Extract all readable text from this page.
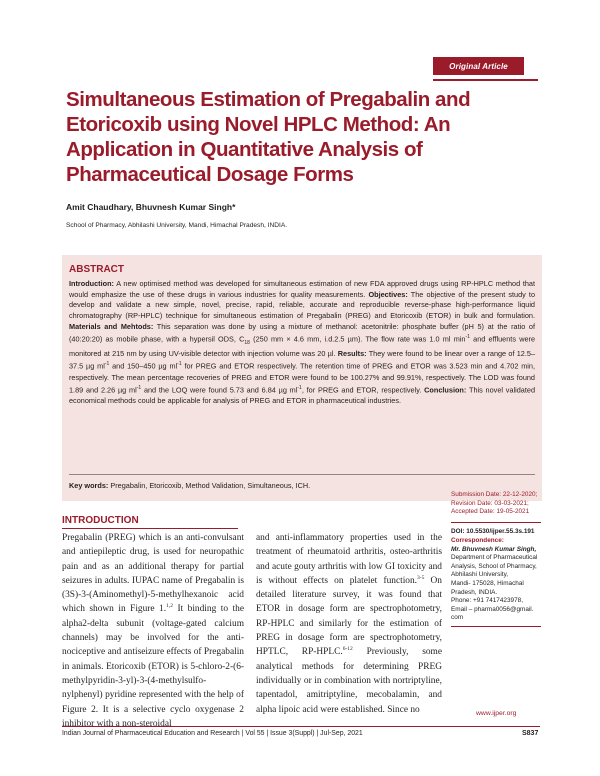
Original Article
Simultaneous Estimation of Pregabalin and Etoricoxib using Novel HPLC Method: An Application in Quantitative Analysis of Pharmaceutical Dosage Forms
Amit Chaudhary, Bhuvnesh Kumar Singh*
School of Pharmacy, Abhilashi University, Mandi, Himachal Pradesh, INDIA.
ABSTRACT

Introduction: A new optimised method was developed for simultaneous estimation of new FDA approved drugs using RP-HPLC method that would emphasize the use of these drugs in various industries for quality measurements. Objectives: The objective of the present study to develop and validate a new simple, novel, precise, rapid, reliable, accurate and reproducible reverse-phase high-performance liquid chromatography (RP-HPLC) technique for simultaneous estimation of Pregabalin (PREG) and Etoricoxib (ETOR) in bulk and formulation. Materials and Mehtods: This separation was done by using a mixture of methanol: acetonitrile: phosphate buffer (pH 5) at the ratio of (40:20:20) as mobile phase, with a hypersil ODS, $C_{18}$ (250 mm × 4.6 mm, i.d.2.5 µm). The flow rate was 1.0 ml $\min^{-1}$ and effluents were monitored at 215 nm by using UV-visible detector with injection volume was 20 µl. Results: They were found to be linear over a range of 12.5–37.5 µg $ml^{-1}$ and 150–450 µg $ml^{-1}$ for PREG and ETOR respectively. The retention time of PREG and ETOR was 3.523 min and 4.702 min, respectively. The mean percentage recoveries of PREG and ETOR were found to be 100.27% and 99.91%, respectively. The LOD was found 1.89 and 2.26 µg $ml^{-1}$ and the LOQ were found 5.73 and 6.84 µg $ml^{-1}$, for PREG and ETOR, respectively. Conclusion: This novel validated economical methods could be applicable for analysis of PREG and ETOR in pharmaceutical industries.

Key words: Pregabalin, Etoricoxib, Method Validation, Simultaneous, ICH.
INTRODUCTION

Pregabalin (PREG) which is an anti-convulsant and antiepileptic drug, is used for neuropathic pain and as an additional therapy for partial seizures in adults. IUPAC name of Pregabalin is (3S)-3-(Aminomethyl)-5-methylhexanoic acid which shown in Figure 1.$^{1,2}$ It binding to the alpha2-delta subunit (voltage-gated calcium channels) may be involved for the anti-nociceptive and antiseizure effects of Pregabalin in animals. Etoricoxib (ETOR) is 5-chloro-2-(6-methylpyridin-3-yl)-3-(4-methylsulfo-nylphenyl) pyridine represented with the help of Figure 2. It is a selective cyclo oxygenase 2 inhibitor with a non-steroidal

and anti-inflammatory properties used in the treatment of rheumatoid arthritis, osteo-arthritis and acute gouty arthritis with low GI toxicity and is without effects on platelet function.$^{3-5}$ On detailed literature survey, it was found that ETOR in dosage form are spectrophotometry, RP-HPLC and similarly for the estimation of PREG in dosage form are spectrophotometry, HPTLC, RP-HPLC.$^{6-12}$ Previously, some analytical methods for determining PREG individually or in combination with nortriptyline, tapentadol, amitriptyline, mecobalamin, and alpha lipoic acid were established. Since no

Submission Date: 22-12-2020;
Revision Date: 03-03-2021;
Accepted Date: 19-05-2021
DOI: 10.5530/ijper.55.3s.191
Correspondence:
Mr. Bhuvnesh Kumar Singh,
Department of Pharmaceutical
Analysis, School of Pharmacy,
Abhilashi University,
Mandi- 175028, Himachal
Pradesh, INDIA.
Phone: +91 7417423978,
Email – pharma0056@gmail.
com
www.ijper.org
Indian Journal of Pharmaceutical Education and Research | Vol 55 | Issue 3(Suppl) | Jul-Sep, 2021	S837
